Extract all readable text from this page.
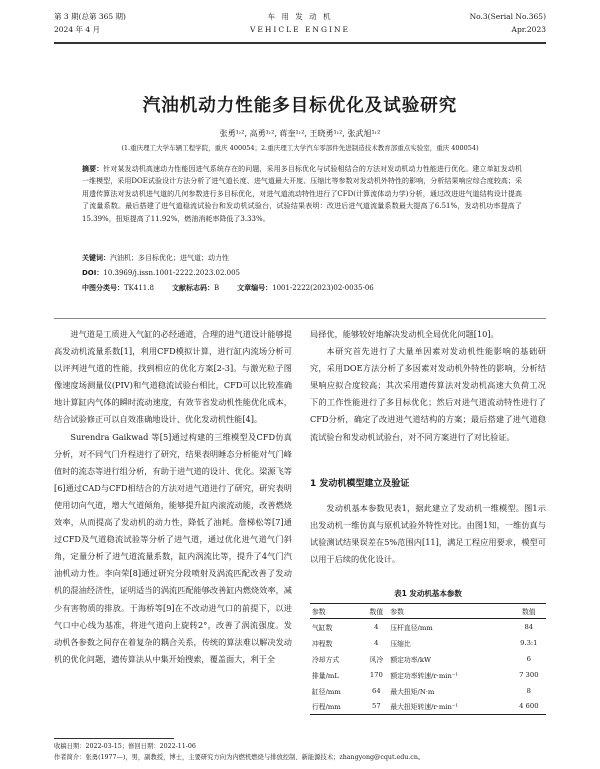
第 3 期(总第 365 期)	车 用 发 动 机	No.3(Serial No.365)
2024 年 4 月	VEHICLE ENGINE	Apr.2023
汽油机动力性能多目标优化及试验研究
张勇¹˒², 高勇¹˒², 蒋奎¹˒², 王晓勇¹˒², 张武旭¹˒²
(1.重庆理工大学车辆工程学院，重庆 400054；2.重庆理工大学汽车零部件先进制造技术教育部重点实验室，重庆 400054)
摘要：针对某发动机高速动力性能因进气系统存在的问题，采用多目标优化与试验相结合的方法对发动机动力性能进行优化。建立单缸发动机一维模型，采用DOE试验设计方法分析了进气道长度、进气道最大开度、压缩比等参数对发动机外特性的影响，分析结果响应综合度较高；采用遗传算法对发动机进气道的几何参数进行多目标优化，对进气道流动特性进行了CFD(计算流体动力学)分析，通过改进进气道结构设计提高了流量系数。最后搭建了进气道稳流试验台和发动机试验台，试验结果表明：改进后进气道流量系数最大提高了6.51%，发动机功率提高了15.39%，扭矩提高了11.92%，燃油消耗率降低了3.33%。
关键词：汽油机；多目标优化；进气道；动力性
DOI：10.3969/j.issn.1001-2222.2023.02.005
中图分类号：TK411.8	文献标志码：B	文章编号：1001-2222(2023)02-0035-06

进气道是工质进入气缸的必经通道，合理的进气道设计能够提高发动机流量系数[1]，利用CFD模拟计算，进行缸内流场分析可以评判进气道的性能，找到相应的优化方案[2-3]。与激光粒子图像速度场测量仪(PIV)和气道稳流试验台相比，CFD可以比较准确地计算缸内气体的瞬时流动速度，有效节省发动机性能优化成本，结合试验修正可以自效准确地设计、优化发动机性能[4]。

Surendra Gaikwad 等[5]通过构建的三维模型及CFD仿真分析，对不同气门升程进行了研究，结果表明睡态分析能对气门峰值时的流态等进行组分析，有助于进气道的设计、优化。梁源飞等[6]通过CAD与CFD相结合的方法对进气道进行了研究，研究表明使用切向气道，增大气道倾角，能够提升缸内滚流动能，改善燃烧效率，从而提高了发动机的动力性，降低了油耗。詹梯松等[7]通过CFD及气道稳流试验等分析了进气道，通过优化进气道气门斜角，定量分析了进气道流量系数，缸内涡流比等，提升了4气门汽油机动力性。李向荣[8]通过研究分段喷射及涡流匹配改善了发动机的混油经济性，证明适当的涡流匹配能够改善缸内燃烧效率，减少有害物质的排放。于海桥等[9]在不改动进气口的前提下，以进气口中心线为基准，将进气道向上旋转2°，改善了涡流强度。发动机各参数之间存在着复杂的耦合关系，传统的算法难以解决发动机的优化问题，遗传算法从中集开始搜索，覆盖面大，利于全

局择优，能够较好地解决发动机全局优化问题[10]。

本研究首先进行了大量单因素对发动机性能影响的基础研究，采用DOE方法分析了多因素对发动机外特性的影响，分析结果响应拟合度较高；其次采用遗传算法对发动机高速大负荷工况下的工作性能进行了多目标优化；然后对进气道流动特性进行了CFD分析，确定了改进进气道结构的方案；最后搭建了进气道稳流试验台和发动机试验台，对不同方案进行了对比验证。

1 发动机模型建立及验证
发动机基本参数见表1，据此建立了发动机一维模型。图1示出发动机一维仿真与原机试验外特性对比。由图1知，一维仿真与试验测试结果误差在5%范围内[11]，满足工程应用要求，模型可以用于后续的优化设计。
表1 发动机基本参数
参数	数值	参数	数值
气缸数	4	压杆直径/mm	84
冲程数	4	压缩比	9.3:1
冷却方式	风冷	额定功率/kW	6
排量/mL	170	额定功率转速/r·min⁻¹	7 300
缸径/mm	64	最大扭矩/N·m	8
行程/mm	57	最大扭矩转速/r·min⁻¹	4 600
收稿日期：2022-03-15；修回日期：2022-11-06
作者简介：张勇(1977—)，男，副教授，博士，主要研究方向为内燃机燃烧与排放控制、新能源技术；zhangyong@cqut.edu.cn。
